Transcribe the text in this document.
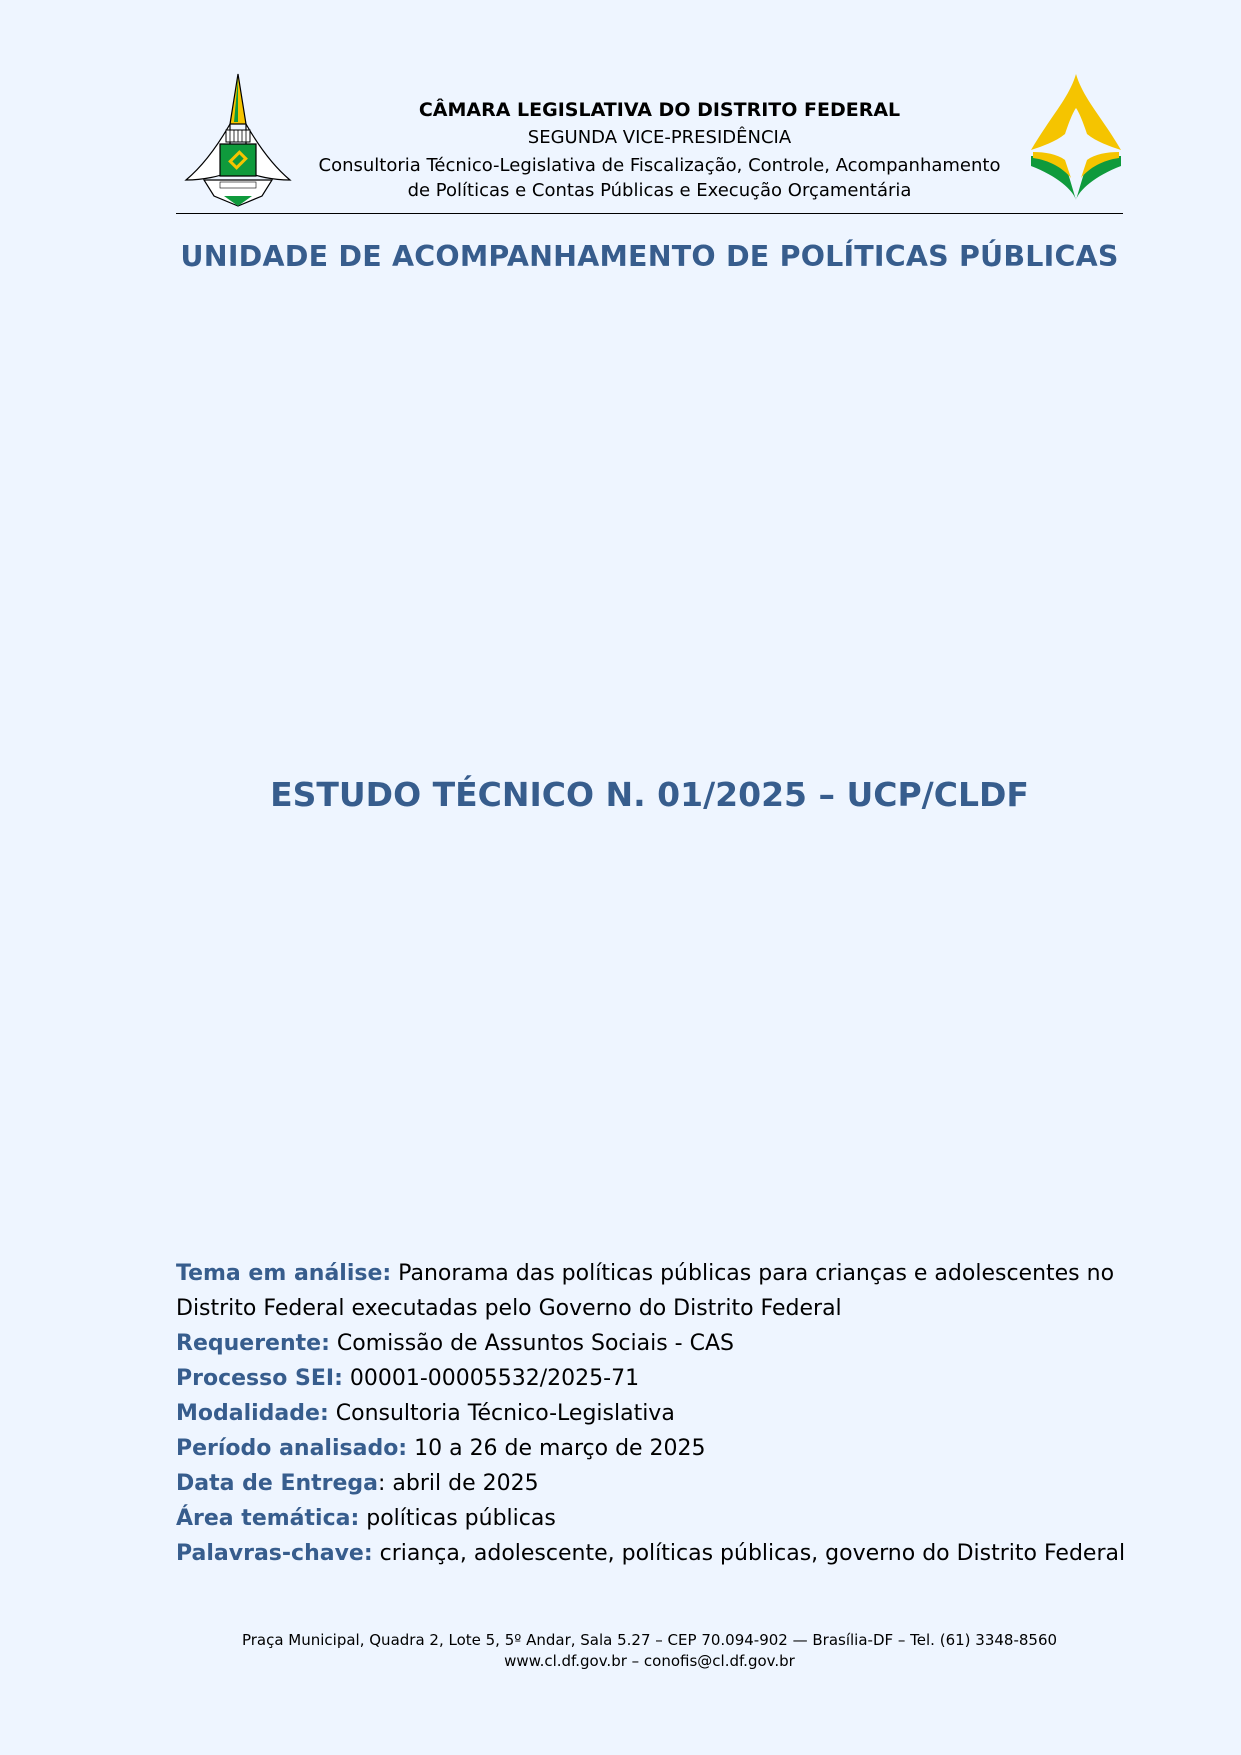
CÂMARA LEGISLATIVA DO DISTRITO FEDERAL
SEGUNDA VICE-PRESIDÊNCIA
Consultoria Técnico-Legislativa de Fiscalização, Controle, Acompanhamento
de Políticas e Contas Públicas e Execução Orçamentária
UNIDADE DE ACOMPANHAMENTO DE POLÍTICAS PÚBLICAS
ESTUDO TÉCNICO N. 01/2025 – UCP/CLDF

Tema em análise: Panorama das políticas públicas para crianças e adolescentes no Distrito Federal executadas pelo Governo do Distrito Federal

Requerente: Comissão de Assuntos Sociais - CAS

Processo SEI: 00001-00005532/2025-71

Modalidade: Consultoria Técnico-Legislativa

Período analisado: 10 a 26 de março de 2025

Data de Entrega: abril de 2025

Área temática: políticas públicas

Palavras-chave: criança, adolescente, políticas públicas, governo do Distrito Federal

Praça Municipal, Quadra 2, Lote 5, 5º Andar, Sala 5.27 – CEP 70.094-902 — Brasília-DF – Tel. (61) 3348-8560
www.cl.df.gov.br – conofis@cl.df.gov.br
